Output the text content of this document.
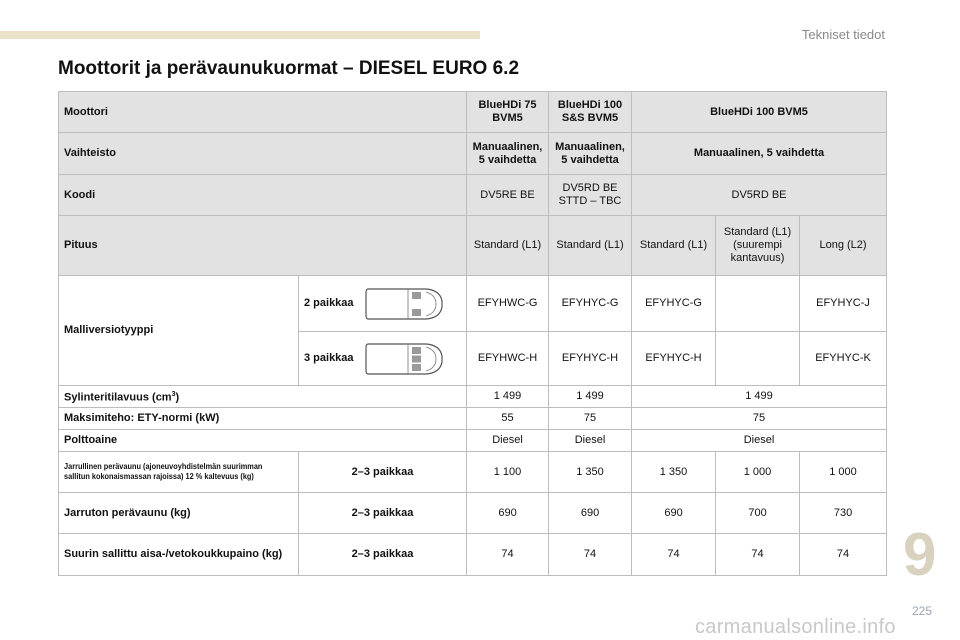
Tekniset tiedot
Moottorit ja perävaunukuormat – DIESEL EURO 6.2
Moottori		BlueHDi 75 BVM5	BlueHDi 100 S&S BVM5	BlueHDi 100 BVM5		
Vaihteisto		Manuaalinen, 5 vaihdetta	Manuaalinen, 5 vaihdetta	Manuaalinen, 5 vaihdetta		
Koodi		DV5RE BE	DV5RD BE STTD – TBC	DV5RD BE		
Pituus		Standard (L1)	Standard (L1)	Standard (L1)	Standard (L1) (suurempi kantavuus)	Long (L2)
Malliversiotyyppi	2 paikkaa	EFYHWC-G	EFYHYC-G	EFYHYC-G		EFYHYC-J

	3 paikkaa	EFYHWC-H	EFYHYC-H	EFYHYC-H		EFYHYC-K
Sylinteritilavuus $(cm^3)$		1 499	1 499	1 499		
Maksimiteho: ETY-normi (kW)		55	75	75		
Polttoaine		Diesel	Diesel	Diesel		
Jarrullinen perävaunu (ajoneuvoyhdistelmän suurimman sallitun kokonaismassan rajoissa) 12 % kaltevuus (kg)	2–3 paikkaa	1 100	1 350	1 350	1 000	1 000
Jarruton perävaunu (kg)	2–3 paikkaa	690	690	690	700	730
Suurin sallittu aisa-/vetokoukkupaino (kg)	2–3 paikkaa	74	74	74	74	74 9
225
carmanualsonline.info
